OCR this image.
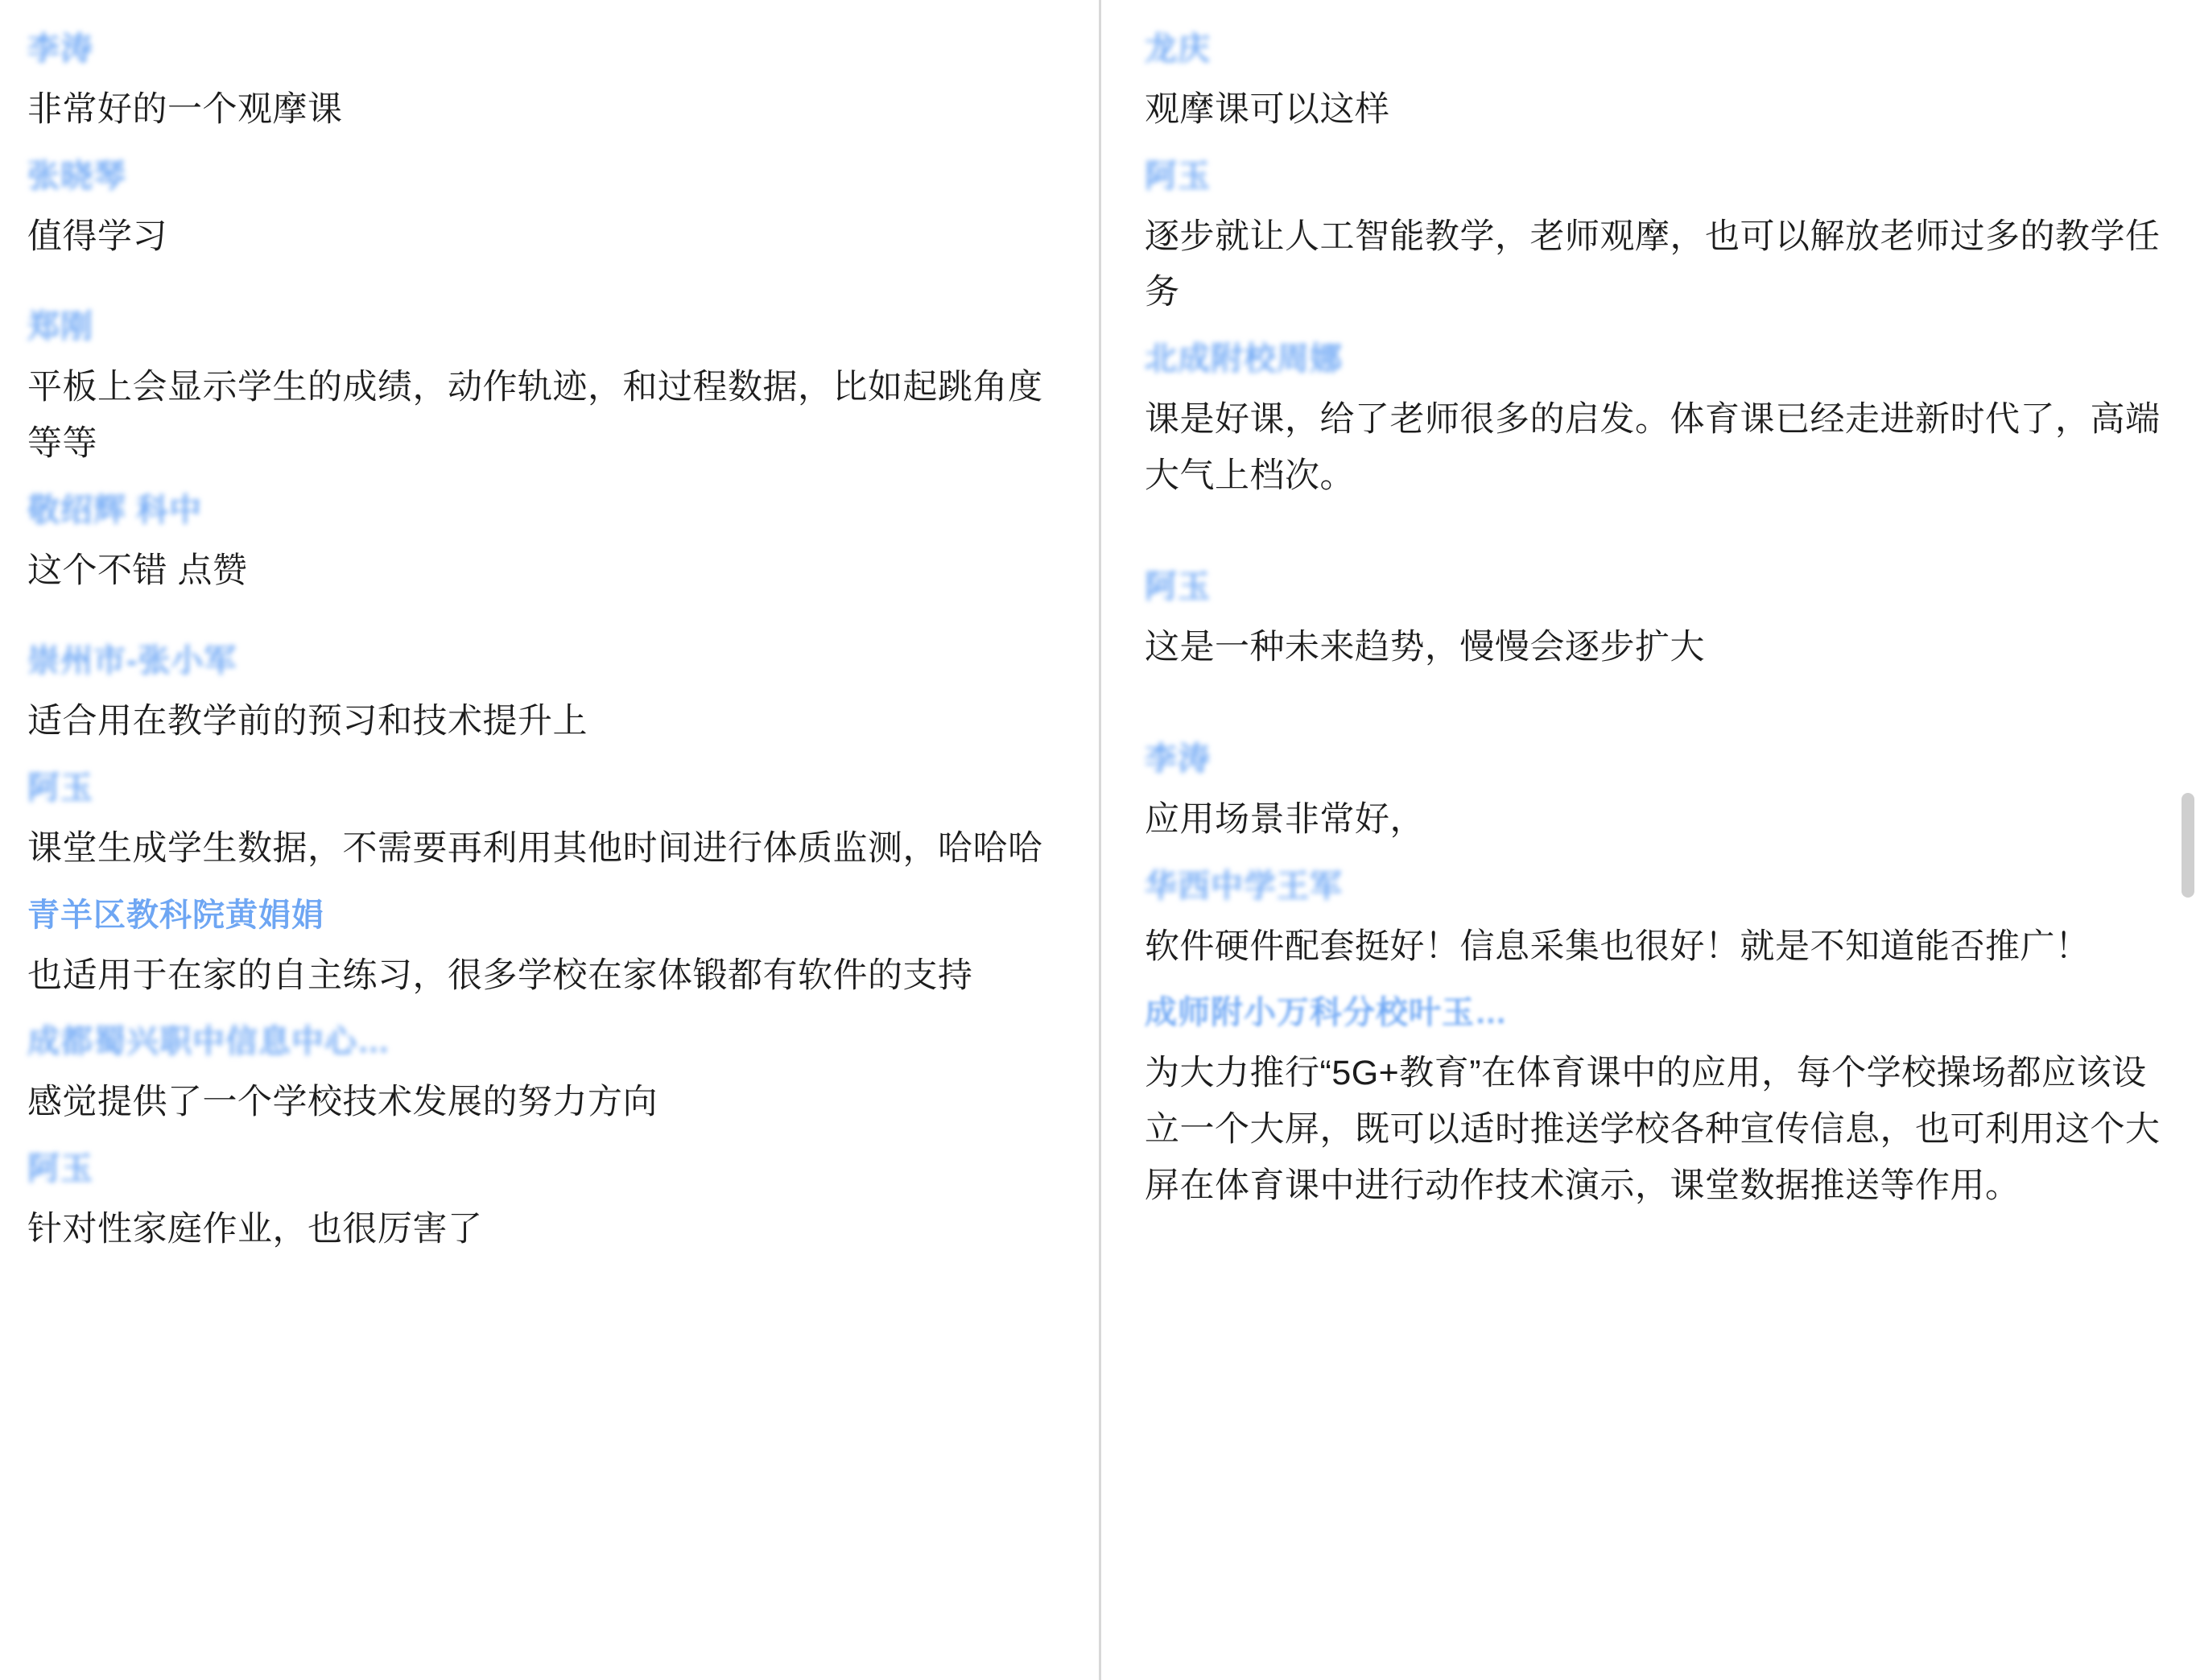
李涛
非常好的一个观摩课
张晓琴
值得学习
郑刚
平板上会显示学生的成绩，动作轨迹，和过程数据，比如起跳角度等等
敬绍辉 科中
这个不错 点赞
崇州市-张小军
适合用在教学前的预习和技术提升上
阿玉
课堂生成学生数据，不需要再利用其他时间进行体质监测，哈哈哈
青羊区教科院黄娟娟
也适用于在家的自主练习，很多学校在家体锻都有软件的支持
成都蜀兴职中信息中心…
感觉提供了一个学校技术发展的努力方向
阿玉
针对性家庭作业，也很厉害了
龙庆
观摩课可以这样
阿玉
逐步就让人工智能教学，老师观摩，也可以解放老师过多的教学任务
北成附校周娜
课是好课，给了老师很多的启发。体育课已经走进新时代了，高端大气上档次。
阿玉
这是一种未来趋势，慢慢会逐步扩大
李涛
应用场景非常好，
华西中学王军
软件硬件配套挺好！信息采集也很好！就是不知道能否推广！
成师附小万科分校叶玉…
为大力推行“5G+教育”在体育课中的应用，每个学校操场都应该设立一个大屏，既可以适时推送学校各种宣传信息，也可利用这个大屏在体育课中进行动作技术演示，课堂数据推送等作用。
